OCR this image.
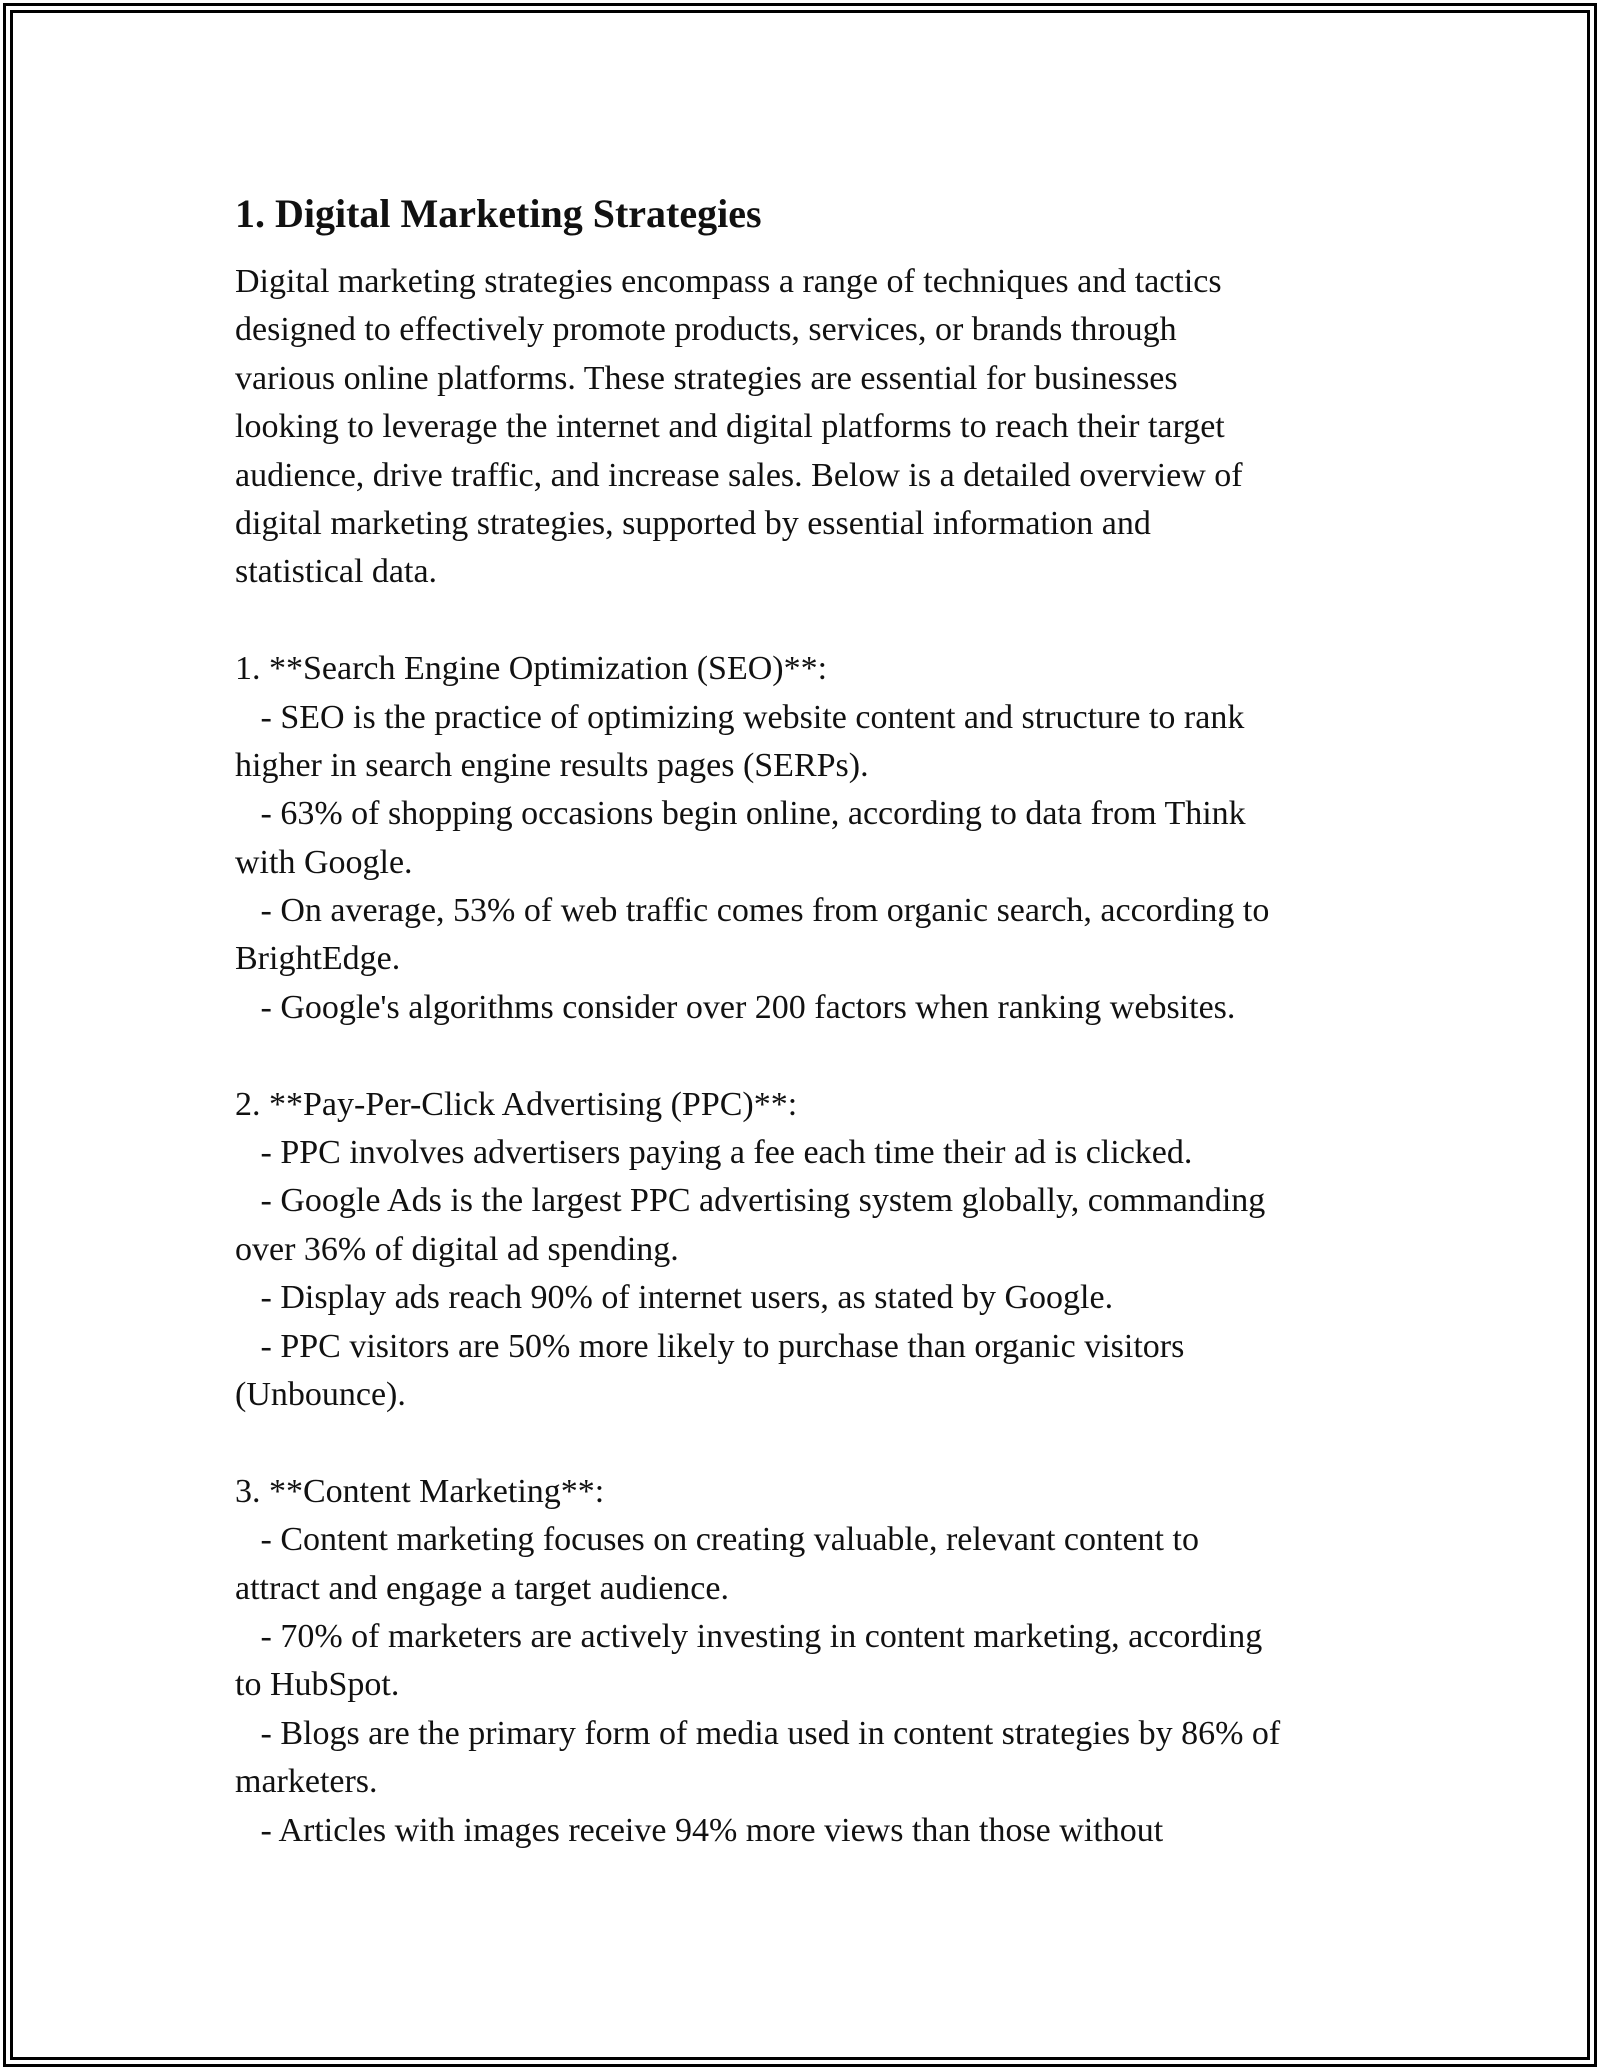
1. Digital Marketing Strategies

Digital marketing strategies encompass a range of techniques and tactics

designed to effectively promote products, services, or brands through

various online platforms. These strategies are essential for businesses

looking to leverage the internet and digital platforms to reach their target

audience, drive traffic, and increase sales. Below is a detailed overview of

digital marketing strategies, supported by essential information and

statistical data.

1. **Search Engine Optimization (SEO)**:

- SEO is the practice of optimizing website content and structure to rank

higher in search engine results pages (SERPs).

- 63% of shopping occasions begin online, according to data from Think

with Google.

- On average, 53% of web traffic comes from organic search, according to

BrightEdge.

- Google's algorithms consider over 200 factors when ranking websites.

2. **Pay-Per-Click Advertising (PPC)**:

- PPC involves advertisers paying a fee each time their ad is clicked.

- Google Ads is the largest PPC advertising system globally, commanding

over 36% of digital ad spending.

- Display ads reach 90% of internet users, as stated by Google.

- PPC visitors are 50% more likely to purchase than organic visitors

(Unbounce).

3. **Content Marketing**:

- Content marketing focuses on creating valuable, relevant content to

attract and engage a target audience.

- 70% of marketers are actively investing in content marketing, according

to HubSpot.

- Blogs are the primary form of media used in content strategies by 86% of

marketers.

- Articles with images receive 94% more views than those without
